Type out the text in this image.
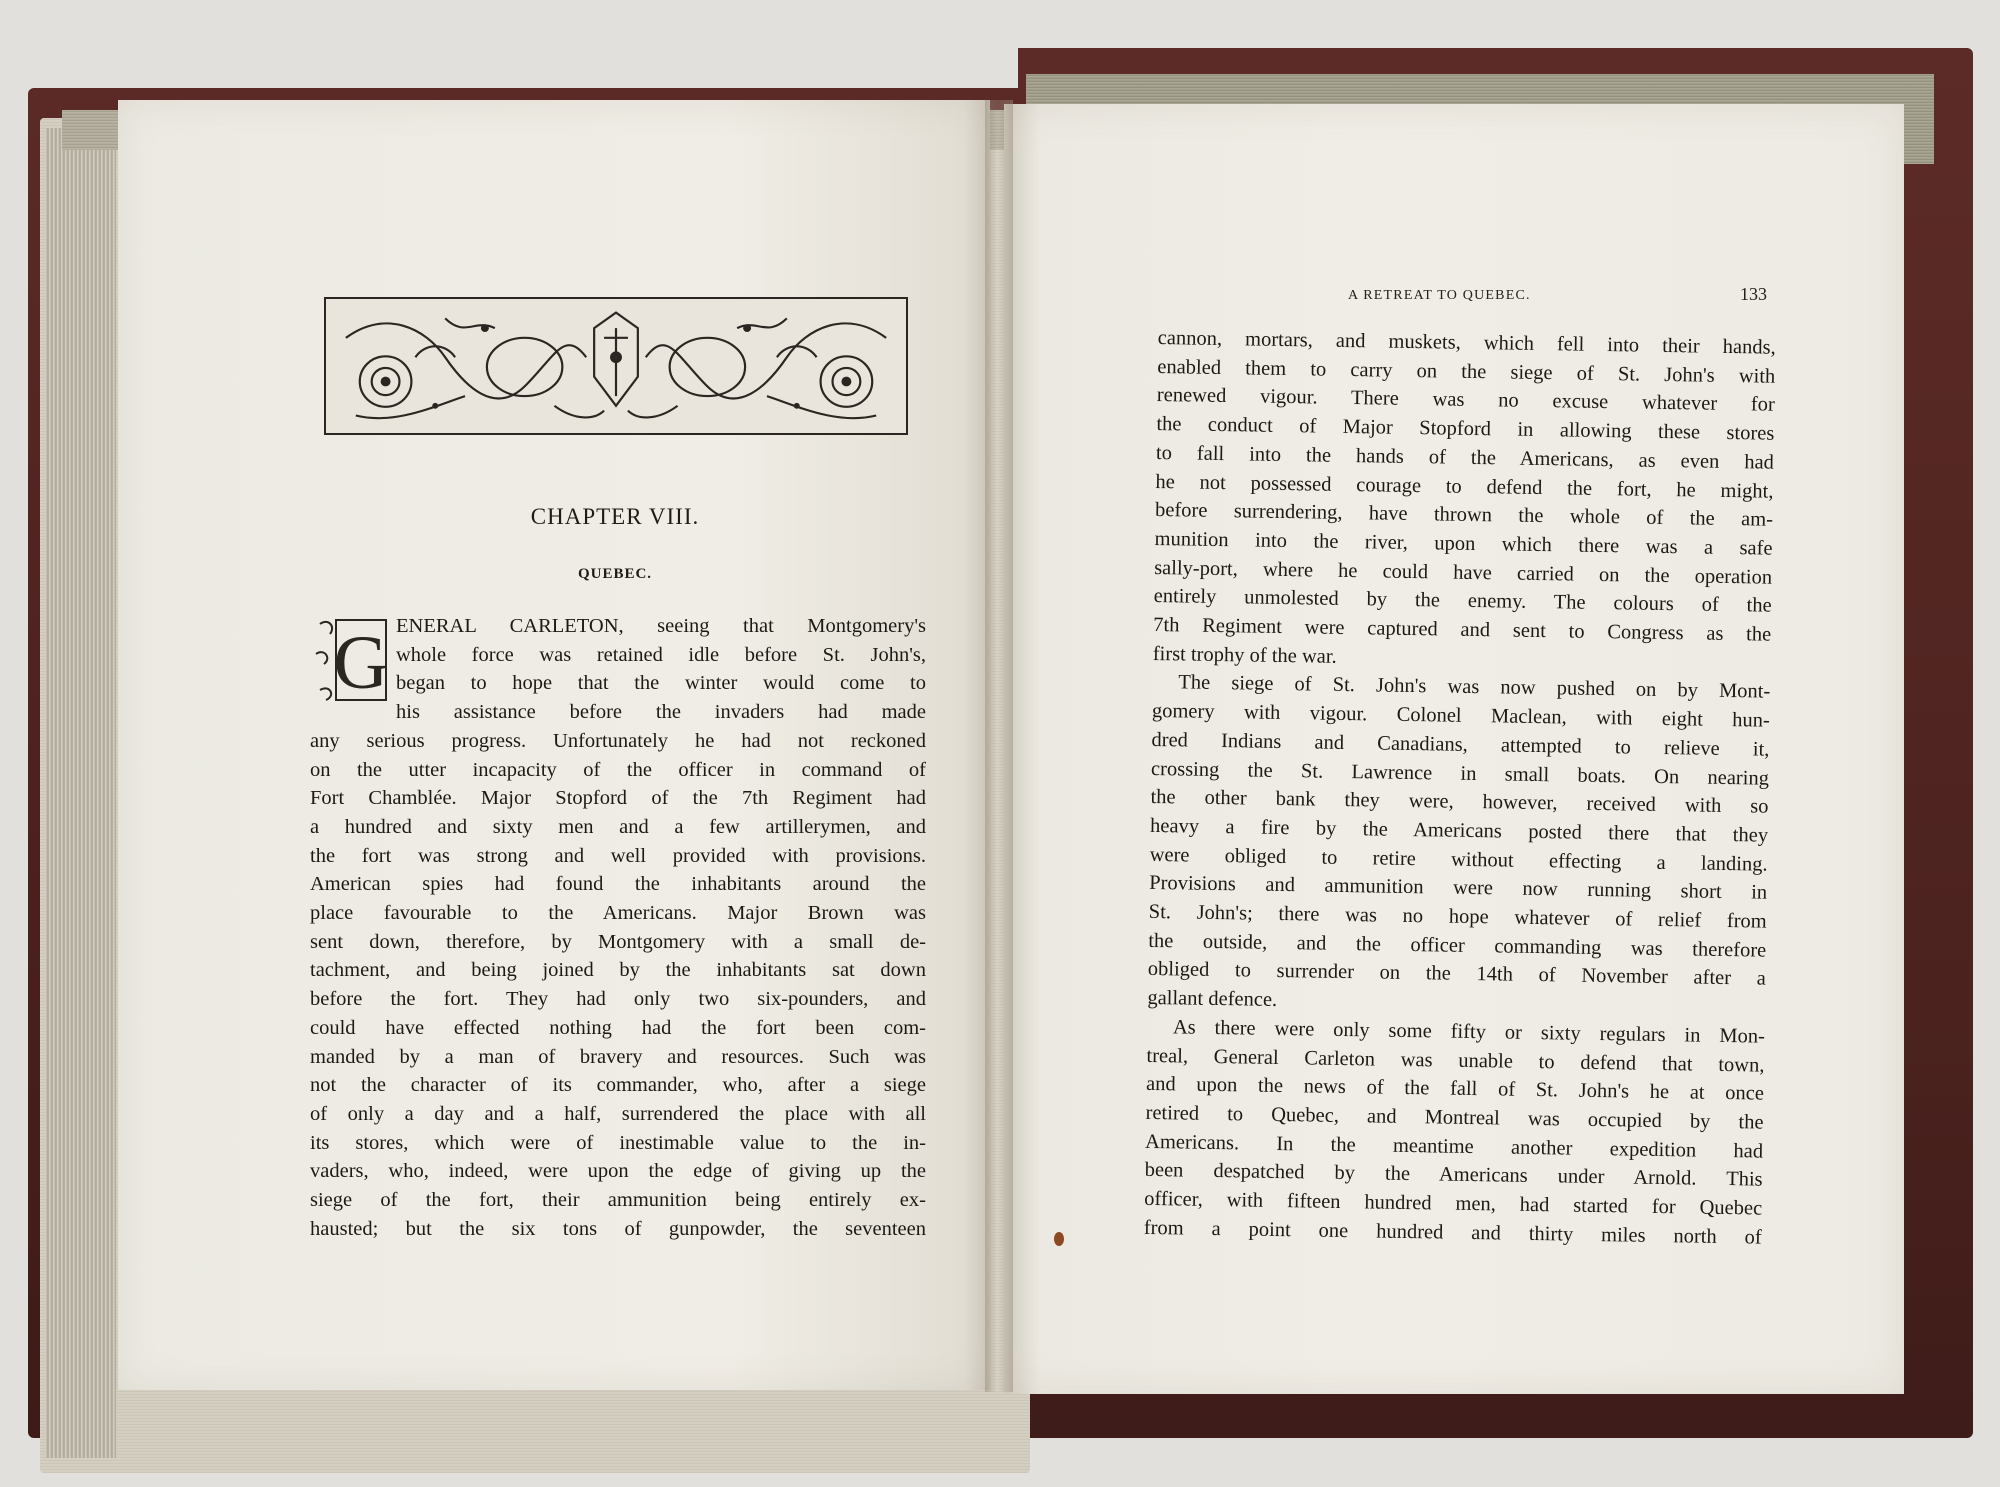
CHAPTER VIII.
QUEBEC.
G ENERAL CARLETON, seeing that Montgomery's
whole force was retained idle before St. John's,
began to hope that the winter would come to
his assistance before the invaders had made
any serious progress. Unfortunately he had not reckoned
on the utter incapacity of the officer in command of
Fort Chamblée. Major Stopford of the 7th Regiment had
a hundred and sixty men and a few artillerymen, and
the fort was strong and well provided with provisions.
American spies had found the inhabitants around the
place favourable to the Americans. Major Brown was
sent down, therefore, by Montgomery with a small de-
tachment, and being joined by the inhabitants sat down
before the fort. They had only two six-pounders, and
could have effected nothing had the fort been com-
manded by a man of bravery and resources. Such was
not the character of its commander, who, after a siege
of only a day and a half, surrendered the place with all
its stores, which were of inestimable value to the in-
vaders, who, indeed, were upon the edge of giving up the
siege of the fort, their ammunition being entirely ex-
hausted; but the six tons of gunpowder, the seventeen
A RETREAT TO QUEBEC.	133
cannon, mortars, and muskets, which fell into their hands,
enabled them to carry on the siege of St. John's with
renewed vigour. There was no excuse whatever for
the conduct of Major Stopford in allowing these stores
to fall into the hands of the Americans, as even had
he not possessed courage to defend the fort, he might,
before surrendering, have thrown the whole of the am-
munition into the river, upon which there was a safe
sally-port, where he could have carried on the operation
entirely unmolested by the enemy. The colours of the
7th Regiment were captured and sent to Congress as the
first trophy of the war.
The siege of St. John's was now pushed on by Mont-
gomery with vigour. Colonel Maclean, with eight hun-
dred Indians and Canadians, attempted to relieve it,
crossing the St. Lawrence in small boats. On nearing
the other bank they were, however, received with so
heavy a fire by the Americans posted there that they
were obliged to retire without effecting a landing.
Provisions and ammunition were now running short in
St. John's; there was no hope whatever of relief from
the outside, and the officer commanding was therefore
obliged to surrender on the 14th of November after a
gallant defence.
As there were only some fifty or sixty regulars in Mon-
treal, General Carleton was unable to defend that town,
and upon the news of the fall of St. John's he at once
retired to Quebec, and Montreal was occupied by the
Americans. In the meantime another expedition had
been despatched by the Americans under Arnold. This
officer, with fifteen hundred men, had started for Quebec
from a point one hundred and thirty miles north of
